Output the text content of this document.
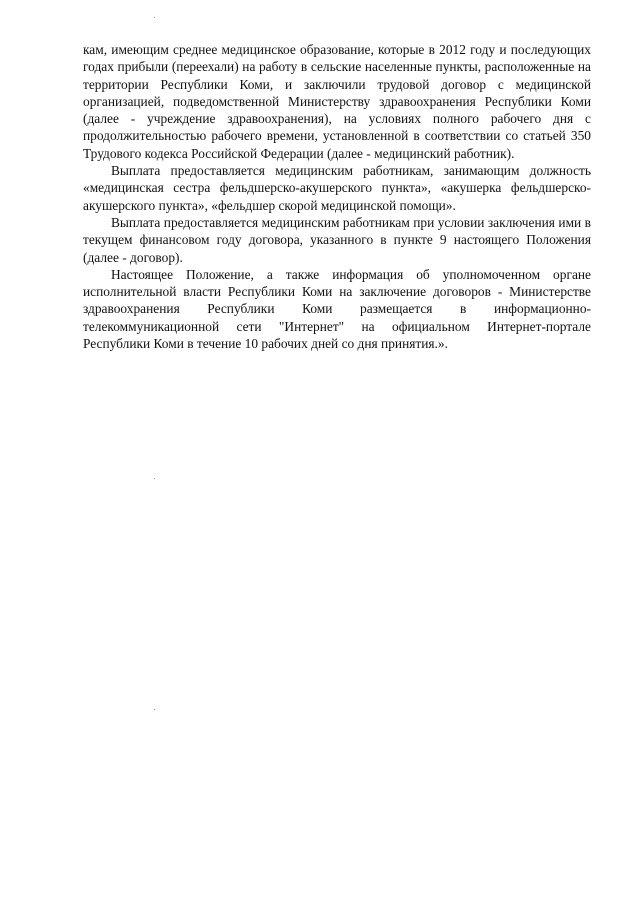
кам, имеющим среднее медицинское образование, которые в 2012 году и последующих годах прибыли (переехали) на работу в сельские населенные пункты, расположенные на территории Республики Коми, и заключили трудовой договор с медицинской организацией, подведомственной Министерству здравоохранения Республики Коми (далее - учреждение здравоохранения), на условиях полного рабочего дня с продолжительностью рабочего времени, установленной в соответствии со статьей 350 Трудового кодекса Российской Федерации (далее - медицинский работник).

Выплата предоставляется медицинским работникам, занимающим должность «медицинская сестра фельдшерско-акушерского пункта», «акушерка фельдшерско-акушерского пункта», «фельдшер скорой медицинской помощи».

Выплата предоставляется медицинским работникам при условии заключения ими в текущем финансовом году договора, указанного в пункте 9 настоящего Положения (далее - договор).

Настоящее Положение, а также информация об уполномоченном органе исполнительной власти Республики Коми на заключение договоров - Министерстве здравоохранения Республики Коми размещается в информационно-телекоммуникационной сети "Интернет" на официальном Интернет-портале Республики Коми в течение 10 рабочих дней со дня принятия.».
